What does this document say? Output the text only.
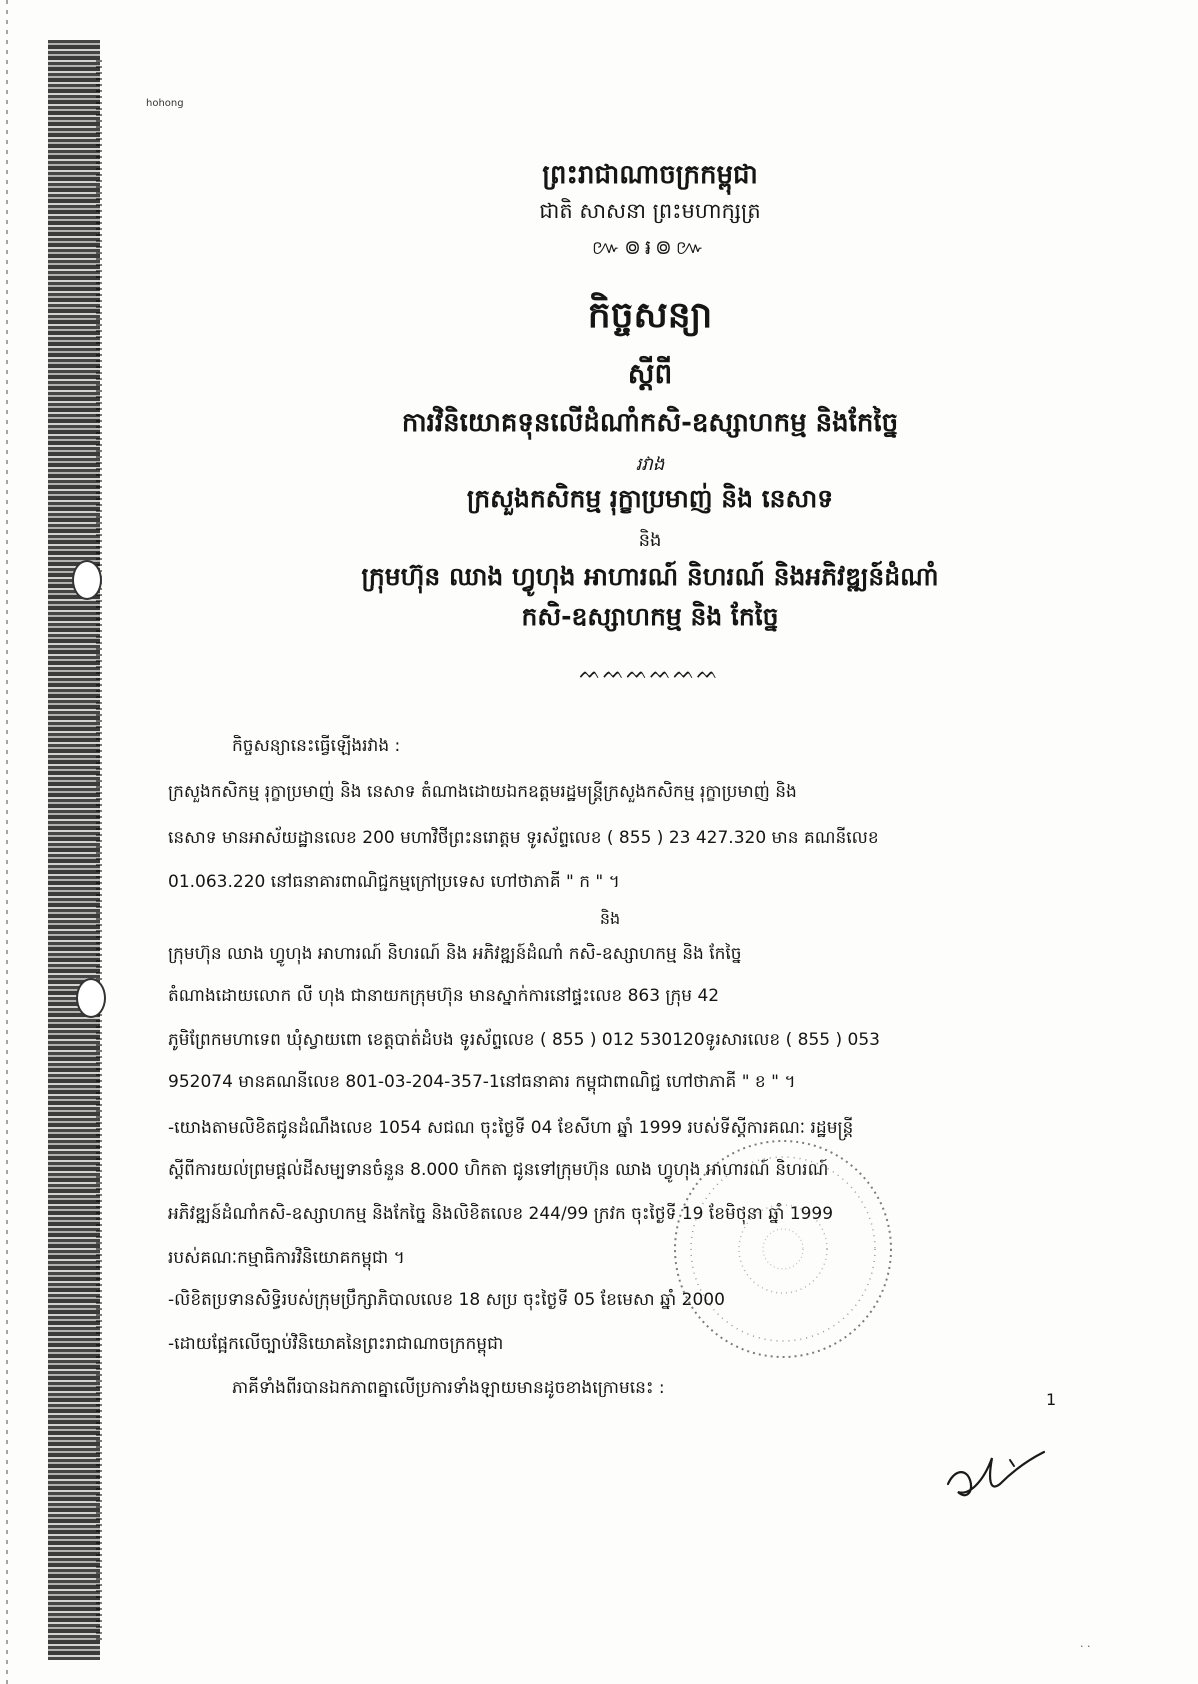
hohong
ព្រះរាជាណាចក្រកម្ពុជា
ជាតិ សាសនា ព្រះមហាក្សត្រ
៚៙៛៙៚
កិច្ចសន្យា
ស្តីពី
ការវិនិយោគទុនលើដំណាំកសិ-ឧស្សាហកម្ម និងកែច្នៃ
រវាង
ក្រសួងកសិកម្ម រុក្ខាប្រមាញ់ និង នេសាទ
និង
ក្រុមហ៊ុន ឈាង ហ្វូហុង អាហារណ៍ និហរណ៍ និងអភិវឌ្ឍន៍ដំណាំ
កសិ-ឧស្សាហកម្ម និង កែច្នៃ
ᨓᨓᨓᨓᨓᨓ
កិច្ចសន្យានេះធ្វើឡើងរវាង :
ក្រសួងកសិកម្ម រុក្ខាប្រមាញ់ និង នេសាទ តំណាងដោយឯកឧត្តមរដ្ឋមន្ត្រីក្រសួងកសិកម្ម រុក្ខាប្រមាញ់ និង
នេសាទ មានអាស័យដ្ឋានលេខ 200 មហាវិថីព្រះនរោត្តម ទូរស័ព្ទលេខ ( 855 ) 23 427.320 មាន គណនីលេខ
01.063.220 នៅធនាគារពាណិជ្ជកម្មក្រៅប្រទេស ហៅថាភាគី " ក " ។
និង
ក្រុមហ៊ុន ឈាង ហ្វូហុង អាហារណ៍ និហរណ៍ និង អភិវឌ្ឍន៍ដំណាំ កសិ-ឧស្សាហកម្ម និង កែច្នៃ
តំណាងដោយលោក លី ហុង ជានាយកក្រុមហ៊ុន មានស្នាក់ការនៅផ្ទះលេខ 863 ក្រុម 42
ភូមិព្រែកមហាទេព ឃុំស្វាយពោ ខេត្តបាត់ដំបង ទូរស័ព្ទលេខ ( 855 ) 012 530120ទូរសារលេខ ( 855 ) 053
952074 មានគណនីលេខ 801-03-204-357-1នៅធនាគារ កម្ពុជាពាណិជ្ជ ហៅថាភាគី " ខ " ។
-យោងតាមលិខិតជូនដំណឹងលេខ 1054 សជណ ចុះថ្ងៃទី 04 ខែសីហា ឆ្នាំ 1999 របស់ទីស្តីការគណៈ រដ្ឋមន្ត្រី
ស្តីពីការយល់ព្រមផ្តល់ដីសម្បទានចំនួន 8.000 ហិកតា ជូនទៅក្រុមហ៊ុន ឈាង ហ្វូហុង អាហារណ៍ និហរណ៍
អភិវឌ្ឍន៍ដំណាំកសិ-ឧស្សាហកម្ម និងកែច្នៃ និងលិខិតលេខ 244/99 ក្រវក ចុះថ្ងៃទី 19 ខែមិថុនា ឆ្នាំ 1999
របស់គណៈកម្មាធិការវិនិយោគកម្ពុជា ។
-លិខិតប្រទានសិទ្ធិរបស់ក្រុមប្រឹក្សាភិបាលលេខ 18 សប្រ ចុះថ្ងៃទី 05 ខែមេសា ឆ្នាំ 2000
-ដោយផ្អែកលើច្បាប់វិនិយោគនៃព្រះរាជាណាចក្រកម្ពុជា
ភាគីទាំងពីរបានឯកភាពគ្នាលើប្រការទាំងឡាយមានដូចខាងក្រោមនេះ :
1
· ·
